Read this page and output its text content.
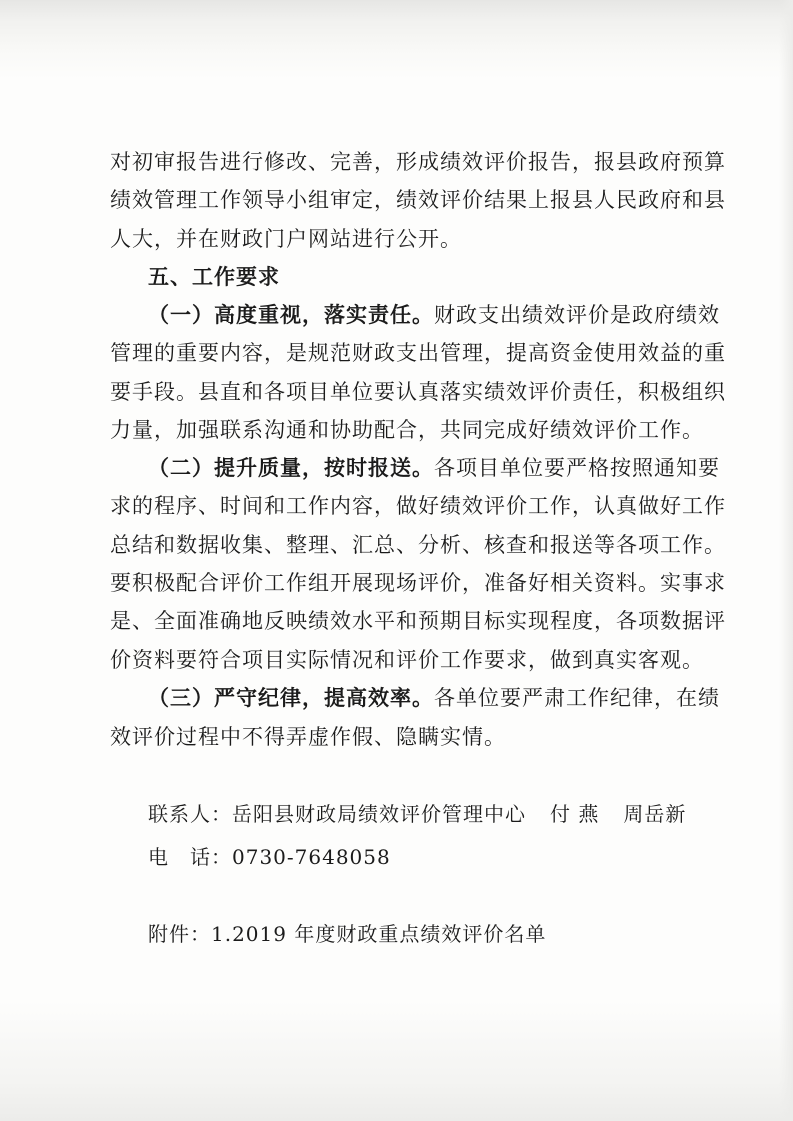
对初审报告进行修改、完善，形成绩效评价报告，报县政府预算
绩效管理工作领导小组审定，绩效评价结果上报县人民政府和县
人大，并在财政门户网站进行公开。
五、工作要求
（一）高度重视，落实责任。财政支出绩效评价是政府绩效
管理的重要内容，是规范财政支出管理，提高资金使用效益的重
要手段。县直和各项目单位要认真落实绩效评价责任，积极组织
力量，加强联系沟通和协助配合，共同完成好绩效评价工作。
（二）提升质量，按时报送。各项目单位要严格按照通知要
求的程序、时间和工作内容，做好绩效评价工作，认真做好工作
总结和数据收集、整理、汇总、分析、核查和报送等各项工作。
要积极配合评价工作组开展现场评价，准备好相关资料。实事求
是、全面准确地反映绩效水平和预期目标实现程度，各项数据评
价资料要符合项目实际情况和评价工作要求，做到真实客观。
（三）严守纪律，提高效率。各单位要严肃工作纪律，在绩
效评价过程中不得弄虚作假、隐瞒实情。
联系人：岳阳县财政局绩效评价管理中心 付 燕 周岳新
电　话：0730-7648058
附件：1.2019 年度财政重点绩效评价名单
